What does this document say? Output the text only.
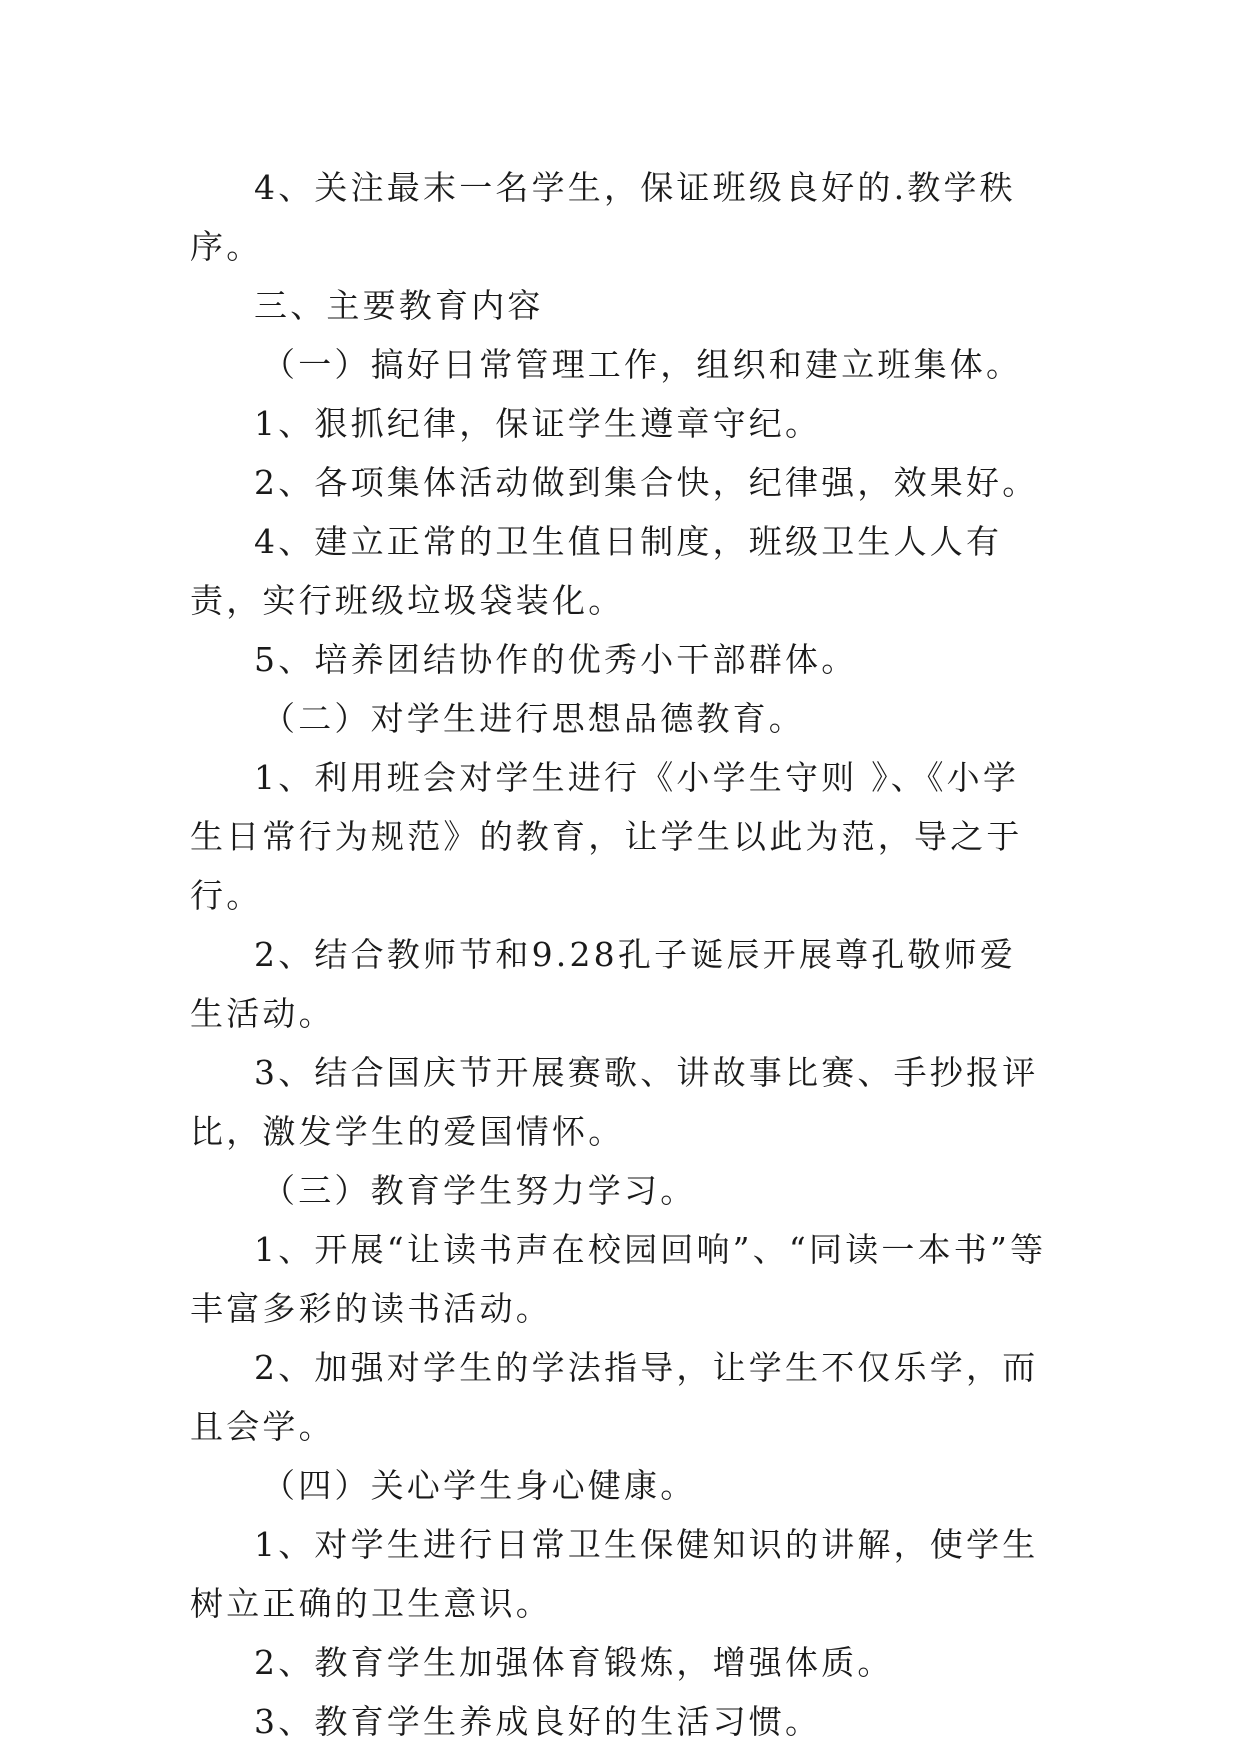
4、关注最末一名学生，保证班级良好的.教学秩序。

三、主要教育内容

（一）搞好日常管理工作，组织和建立班集体。

1、狠抓纪律，保证学生遵章守纪。

2、各项集体活动做到集合快，纪律强，效果好。

4、建立正常的卫生值日制度，班级卫生人人有责，实行班级垃圾袋装化。

5、培养团结协作的优秀小干部群体。

（二）对学生进行思想品德教育。

1、利用班会对学生进行《小学生守则 》、《小学生日常行为规范》的教育，让学生以此为范，导之于行。

2、结合教师节和9.28孔子诞辰开展尊孔敬师爱生活动。

3、结合国庆节开展赛歌、讲故事比赛、手抄报评比，激发学生的爱国情怀。

（三）教育学生努力学习。

1、开展“让读书声在校园回响”、“同读一本书”等丰富多彩的读书活动。

2、加强对学生的学法指导，让学生不仅乐学，而且会学。

（四）关心学生身心健康。

1、对学生进行日常卫生保健知识的讲解，使学生树立正确的卫生意识。

2、教育学生加强体育锻炼，增强体质。

3、教育学生养成良好的生活习惯。
